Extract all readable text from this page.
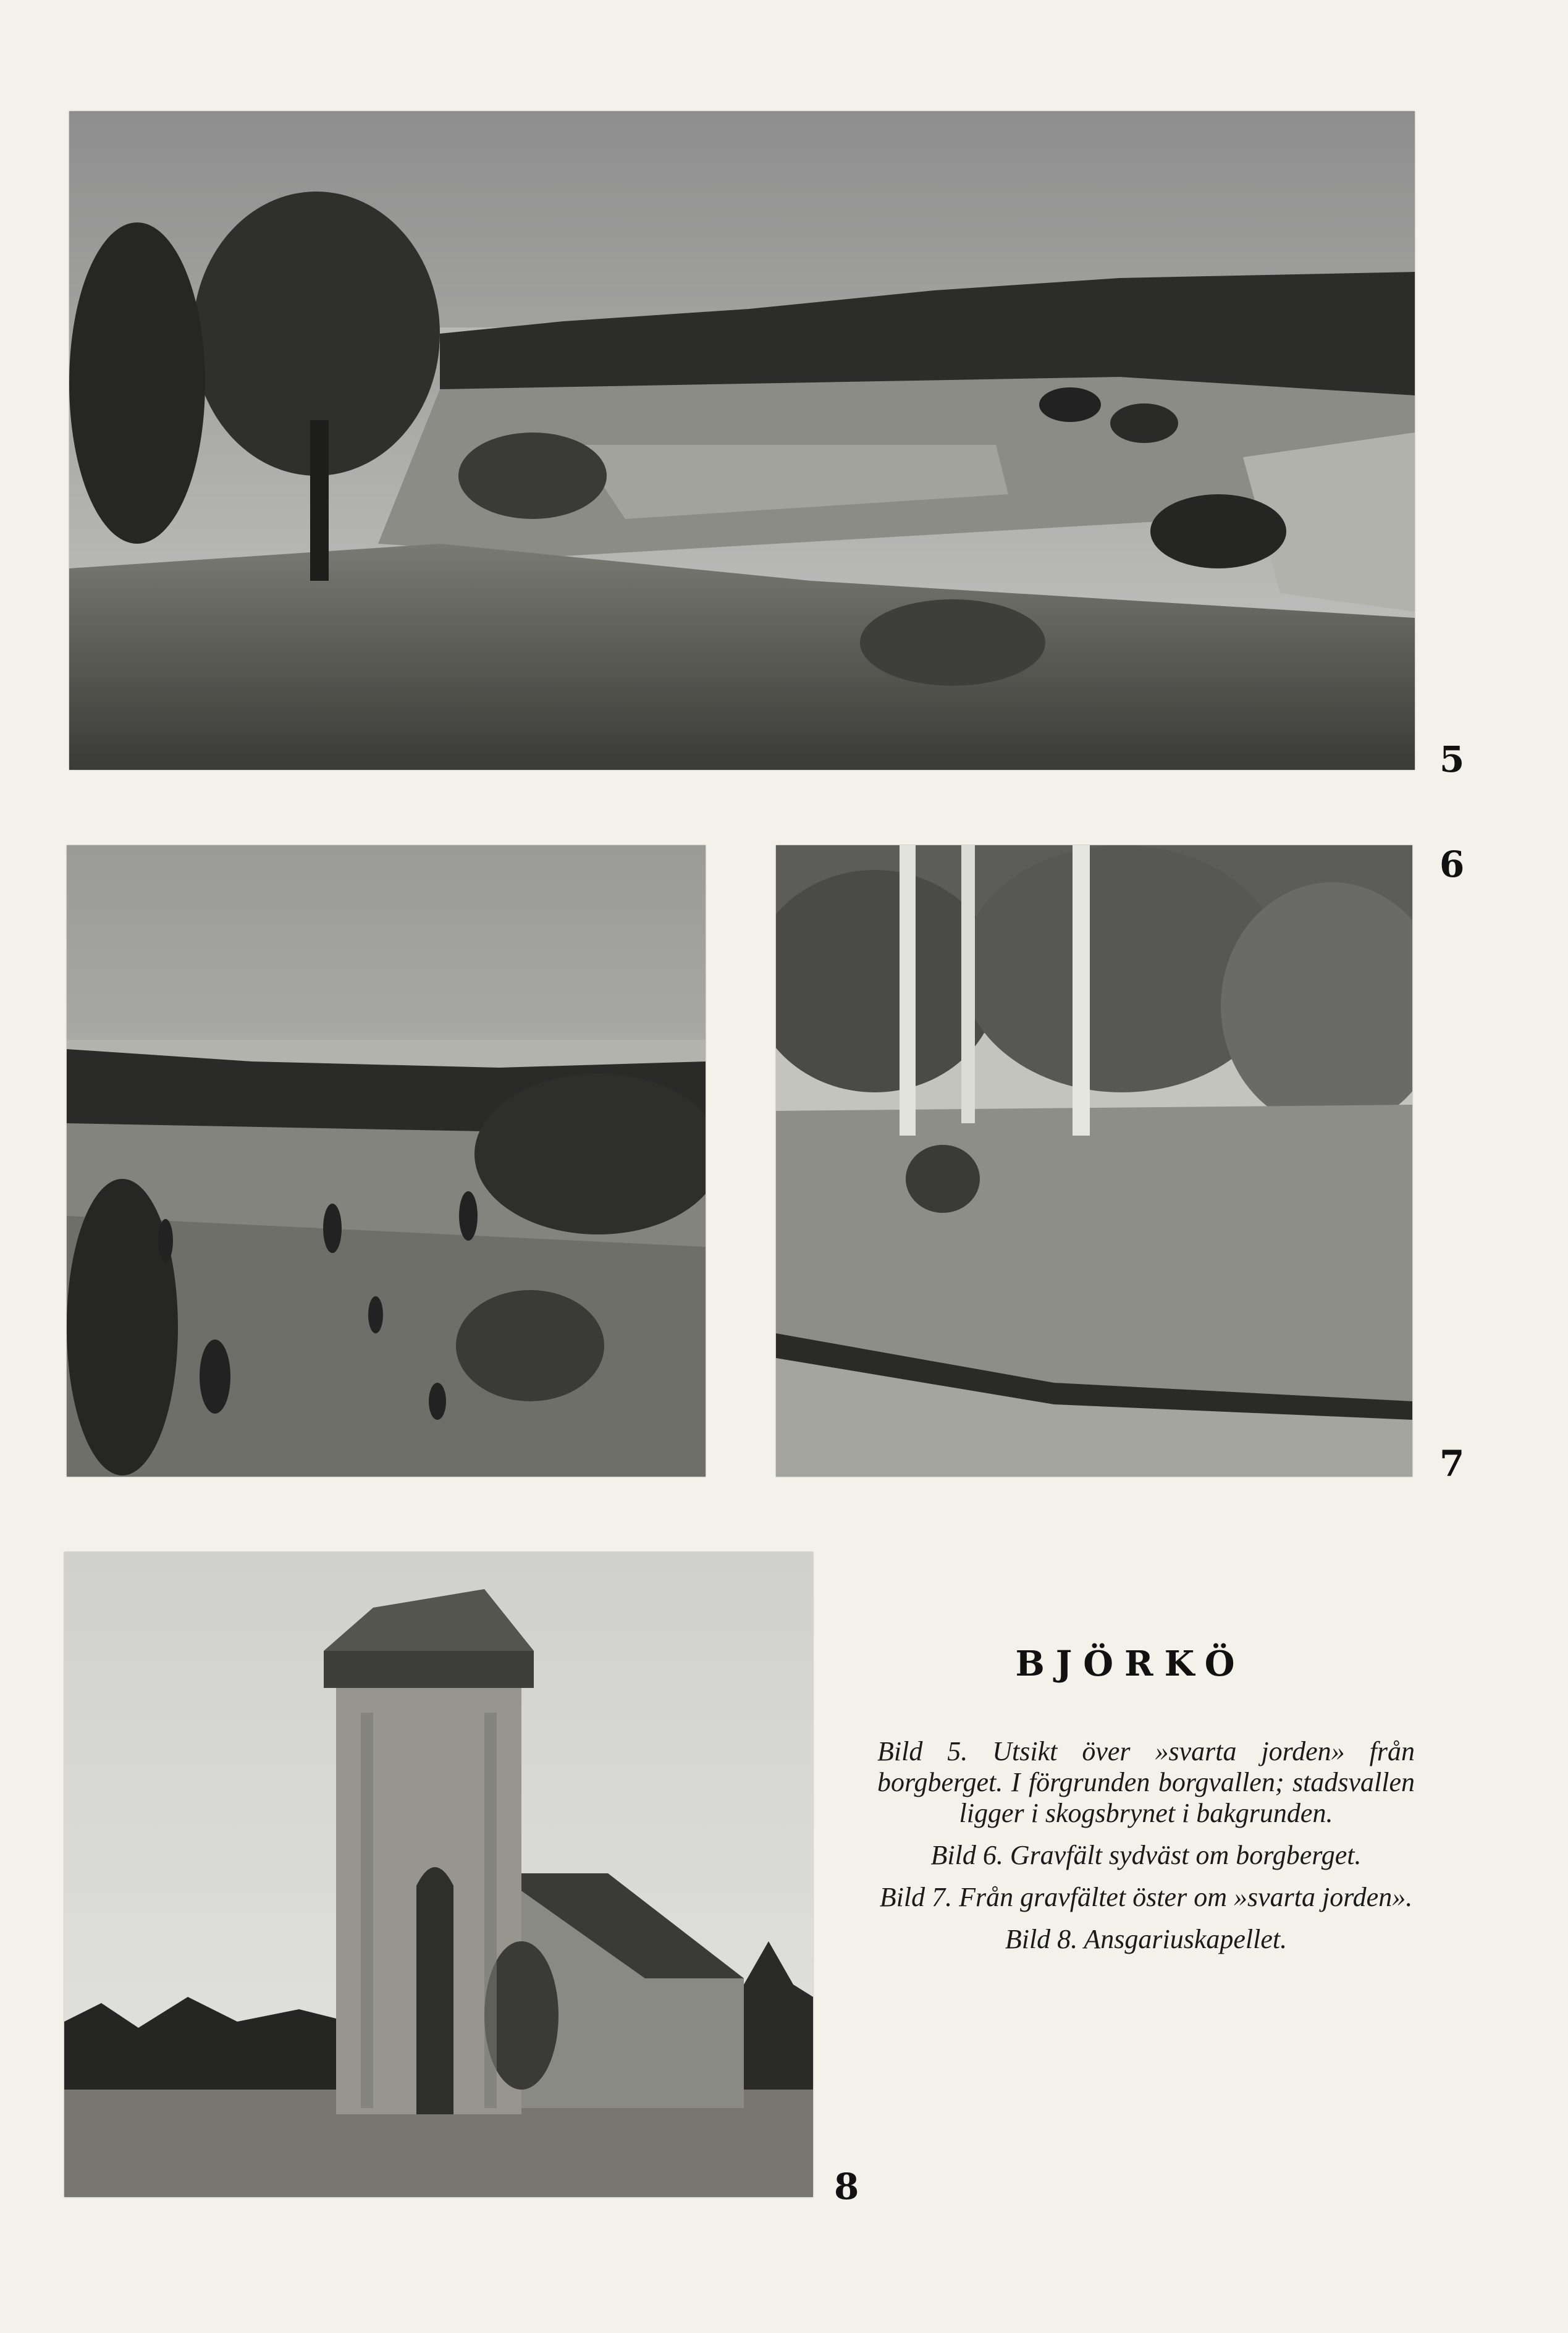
5
6
7
8
BJÖRKÖ

Bild 5. Utsikt över »svarta jorden» från borgberget. I förgrunden borgvallen; stadsvallen ligger i skogsbrynet i bakgrunden.

Bild 6. Gravfält sydväst om borgberget.

Bild 7. Från gravfältet öster om »svarta jorden».

Bild 8. Ansgariuskapellet.
